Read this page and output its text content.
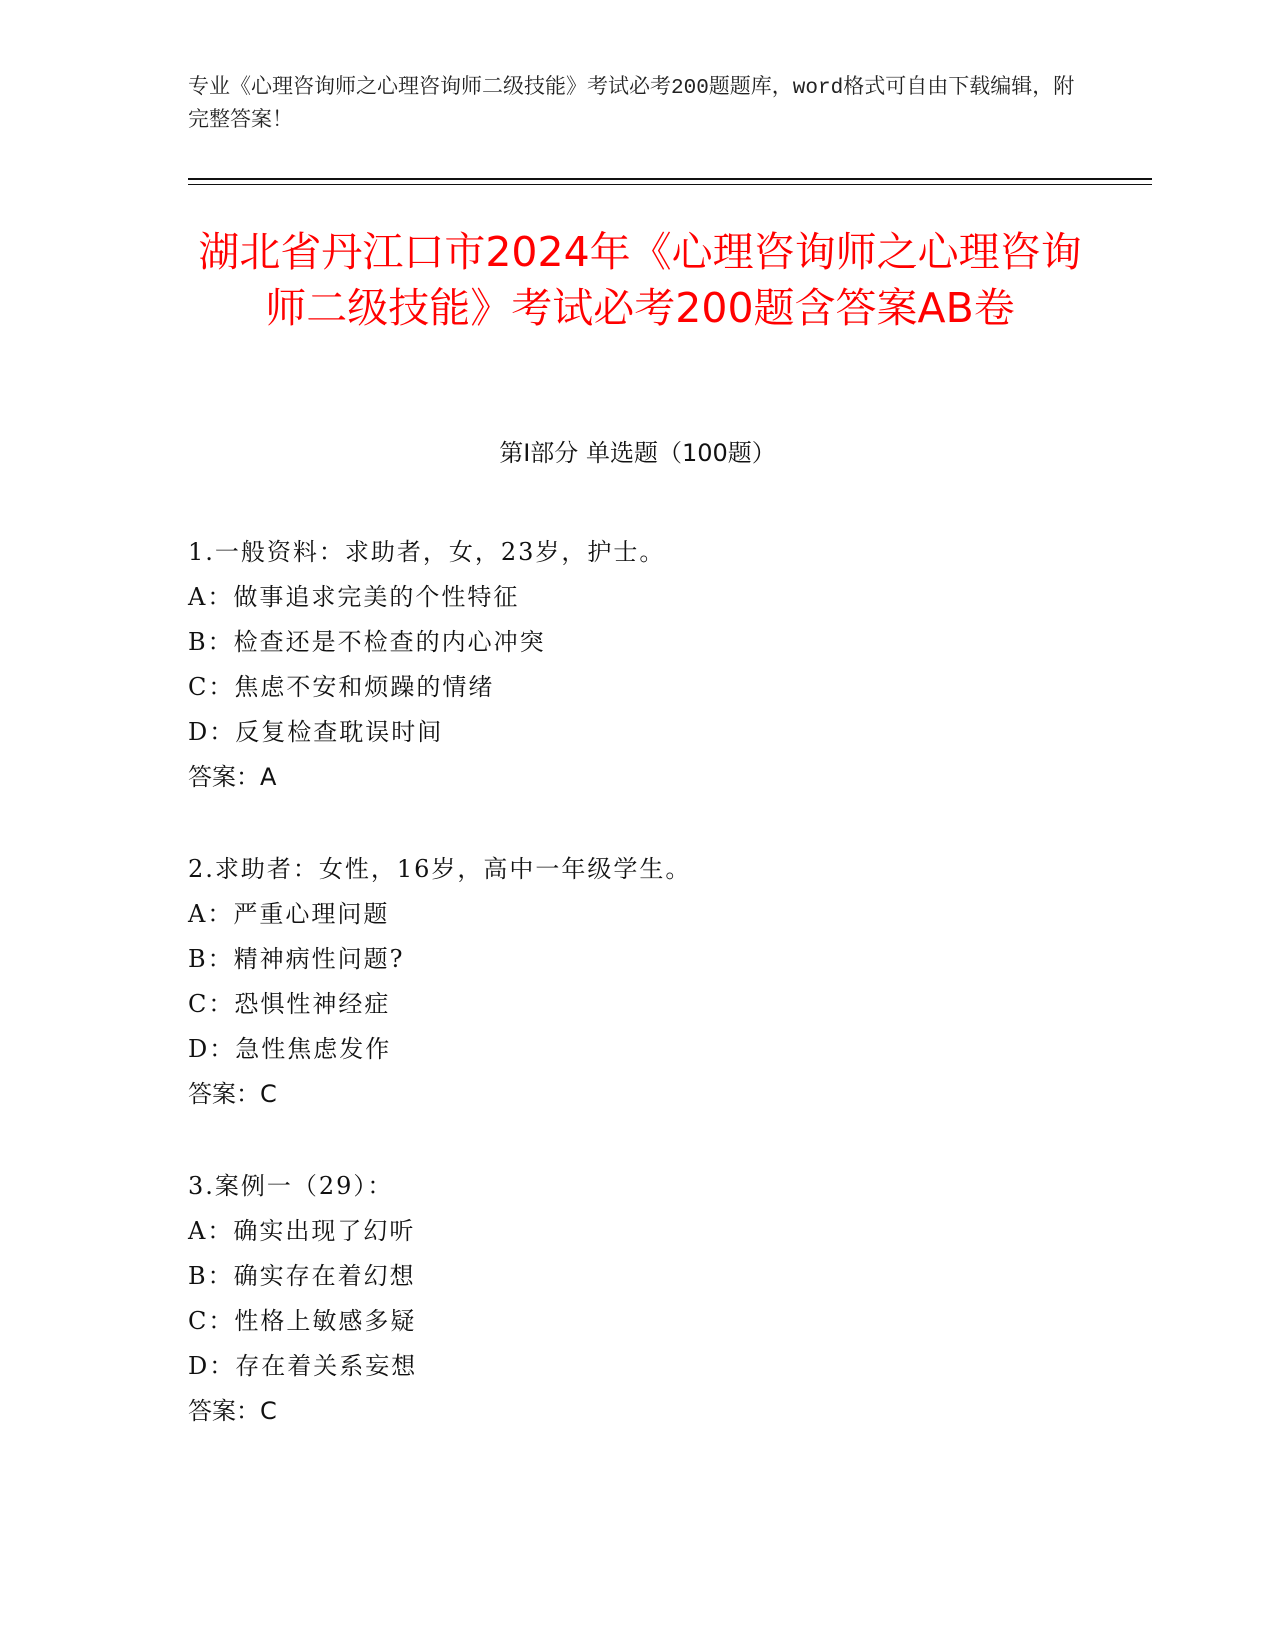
专业《心理咨询师之心理咨询师二级技能》考试必考200题题库，word格式可自由下载编辑，附完整答案！
湖北省丹江口市2024年《心理咨询师之心理咨询师二级技能》考试必考200题含答案AB卷
第I部分 单选题（100题）
1.一般资料：求助者，女，23岁，护士。
A：做事追求完美的个性特征
B：检查还是不检查的内心冲突
C：焦虑不安和烦躁的情绪
D：反复检查耽误时间
答案：A
2.求助者：女性，16岁，高中一年级学生。
A：严重心理问题
B：精神病性问题?
C：恐惧性神经症
D：急性焦虑发作
答案：C
3.案例一（29）：
A：确实出现了幻听
B：确实存在着幻想
C：性格上敏感多疑
D：存在着关系妄想
答案：C
